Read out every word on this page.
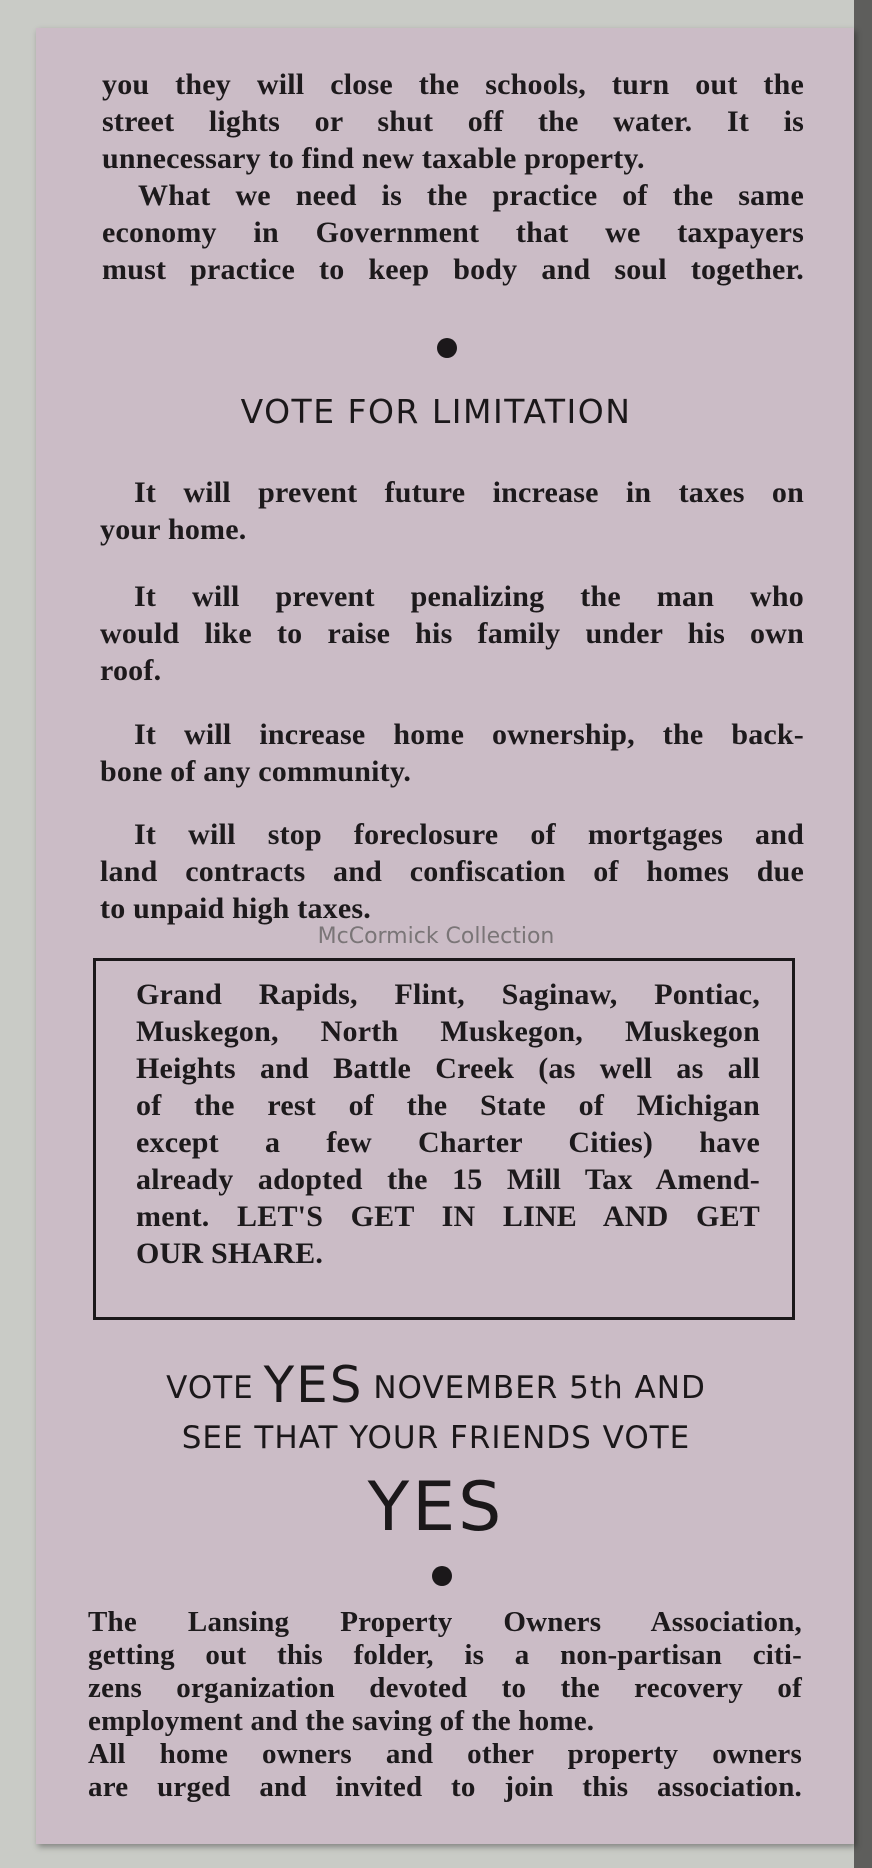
you they will close the schools, turn out the
street lights or shut off the water. It is
unnecessary to find new taxable property.
What we need is the practice of the same
economy in Government that we taxpayers
must practice to keep body and soul together.
VOTE FOR LIMITATION
It will prevent future increase in taxes on
your home.
It will prevent penalizing the man who
would like to raise his family under his own
roof.
It will increase home ownership, the back-
bone of any community.
It will stop foreclosure of mortgages and
land contracts and confiscation of homes due
to unpaid high taxes.
McCormick Collection
Grand Rapids, Flint, Saginaw, Pontiac,
Muskegon, North Muskegon, Muskegon
Heights and Battle Creek (as well as all
of the rest of the State of Michigan
except a few Charter Cities) have
already adopted the 15 Mill Tax Amend-
ment. LET'S GET IN LINE AND GET
OUR SHARE.
VOTE YES NOVEMBER 5th AND
SEE THAT YOUR FRIENDS VOTE
YES
The Lansing Property Owners Association,
getting out this folder, is a non-partisan citi-
zens organization devoted to the recovery of
employment and the saving of the home.
All home owners and other property owners
are urged and invited to join this association.
